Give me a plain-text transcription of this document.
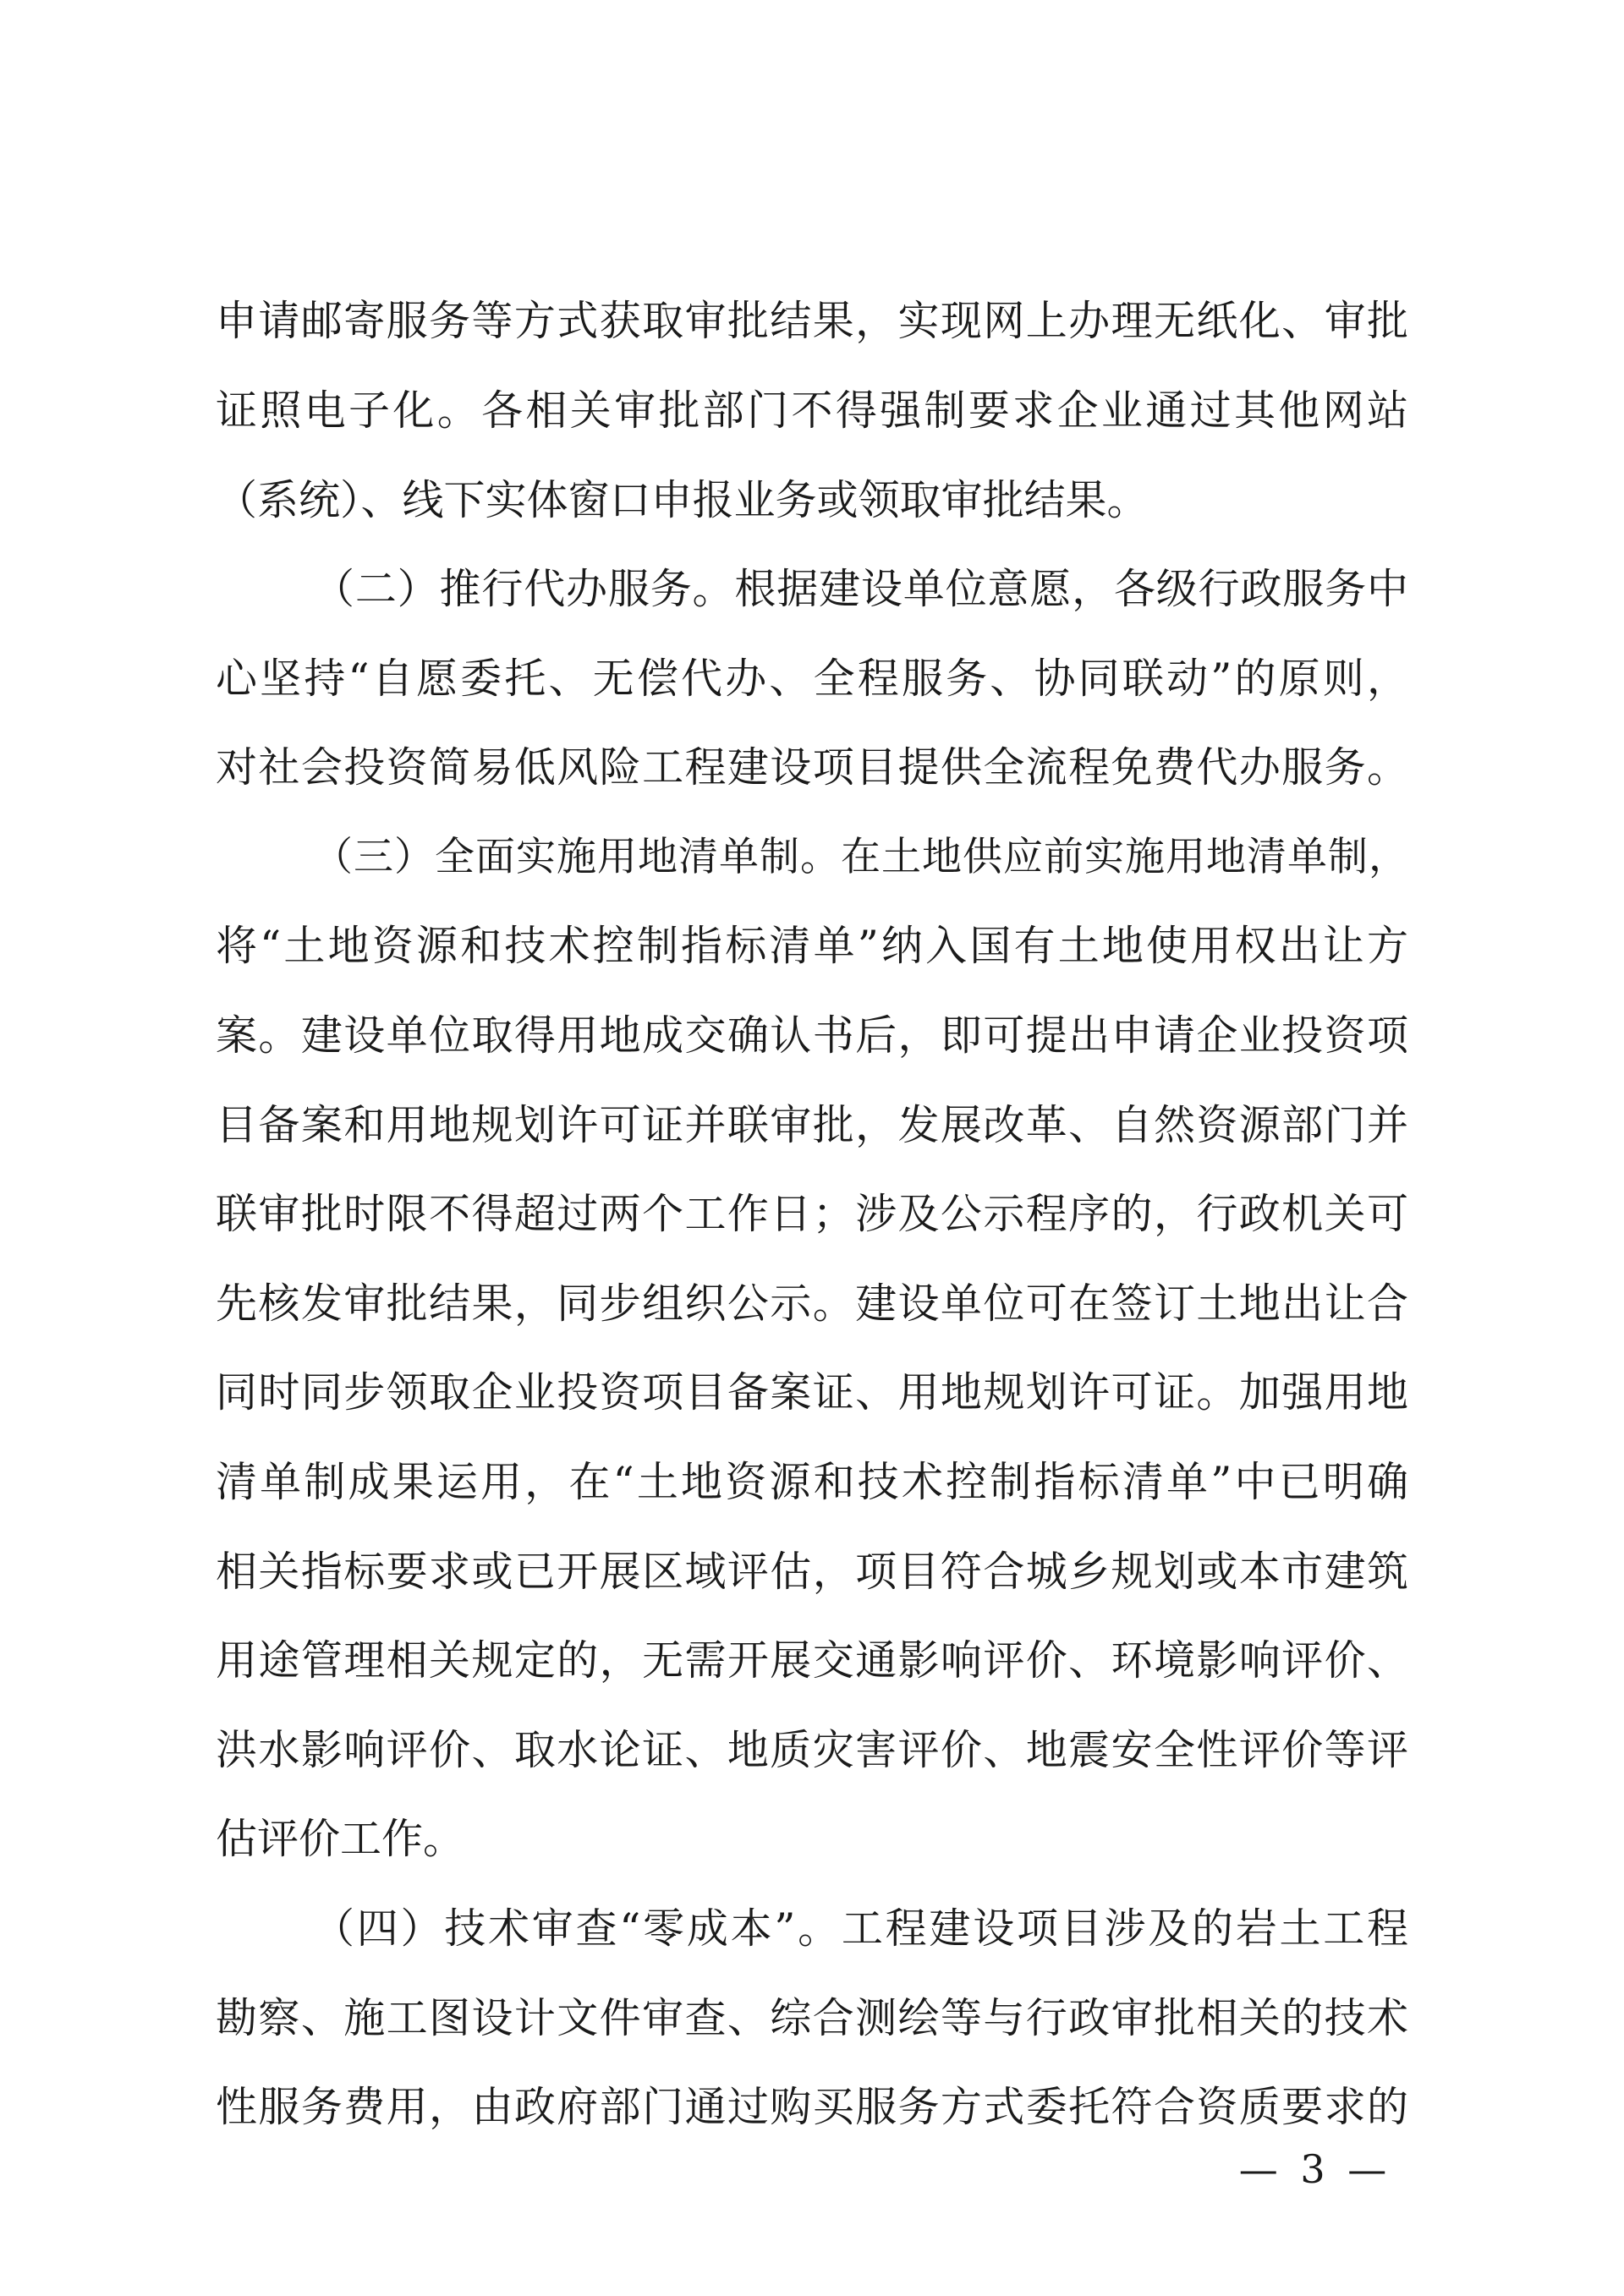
申请邮寄服务等方式获取审批结果，实现网上办理无纸化、审批
证照电子化。各相关审批部门不得强制要求企业通过其他网站
（系统）、线下实体窗口申报业务或领取审批结果。
（二）推行代办服务。根据建设单位意愿，各级行政服务中
心坚持“自愿委托、无偿代办、全程服务、协同联动”的原则，
对社会投资简易低风险工程建设项目提供全流程免费代办服务。
（三）全面实施用地清单制。在土地供应前实施用地清单制，
将“土地资源和技术控制指标清单”纳入国有土地使用权出让方
案。建设单位取得用地成交确认书后，即可提出申请企业投资项
目备案和用地规划许可证并联审批，发展改革、自然资源部门并
联审批时限不得超过两个工作日；涉及公示程序的，行政机关可
先核发审批结果，同步组织公示。建设单位可在签订土地出让合
同时同步领取企业投资项目备案证、用地规划许可证。加强用地
清单制成果运用，在“土地资源和技术控制指标清单”中已明确
相关指标要求或已开展区域评估，项目符合城乡规划或本市建筑
用途管理相关规定的，无需开展交通影响评价、环境影响评价、
洪水影响评价、取水论证、地质灾害评价、地震安全性评价等评
估评价工作。
（四）技术审查“零成本”。工程建设项目涉及的岩土工程
勘察、施工图设计文件审查、综合测绘等与行政审批相关的技术
性服务费用，由政府部门通过购买服务方式委托符合资质要求的
— 3 —
